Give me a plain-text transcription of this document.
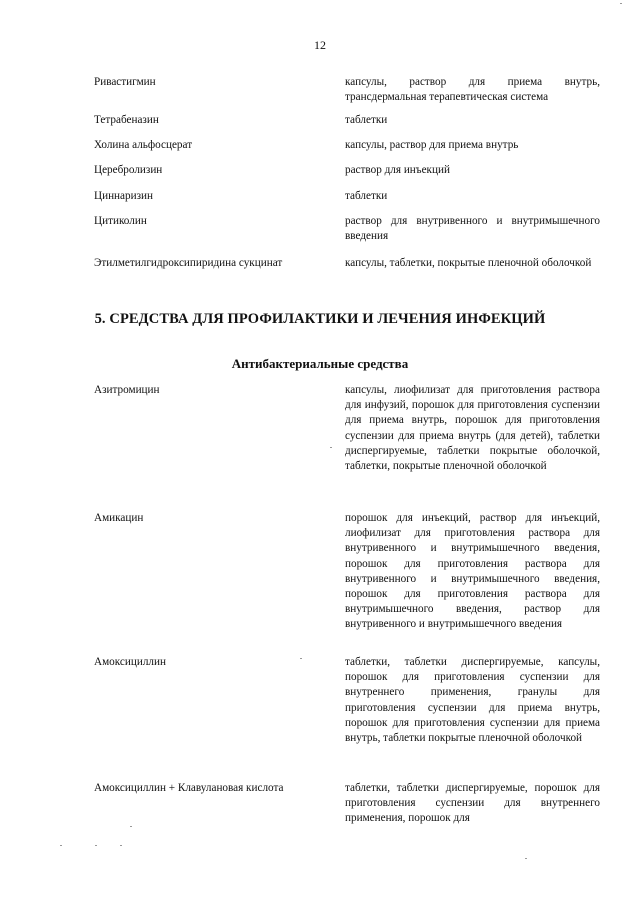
12
Ривастигмин	капсулы, раствор для приема внутрь, трансдермальная терапевтическая система
Тетрабеназин	таблетки
Холина альфосцерат	капсулы, раствор для приема внутрь
Церебролизин	раствор для инъекций
Циннаризин	таблетки
Цитиколин	раствор для внутривенного и внутримышечного введения
Этилметилгидроксипиридина сукцинат	капсулы, таблетки, покрытые пленочной оболочкой
5. СРЕДСТВА ДЛЯ ПРОФИЛАКТИКИ И ЛЕЧЕНИЯ ИНФЕКЦИЙ
Антибактериальные средства
Азитромицин	капсулы, лиофилизат для приготовления раствора для инфузий, порошок для приготовления суспензии для приема внутрь, порошок для приготовления суспензии для приема внутрь (для детей), таблетки диспергируемые, таблетки покрытые оболочкой, таблетки, покрытые пленочной оболочкой
Амикацин	порошок для инъекций, раствор для инъекций, лиофилизат для приготовления раствора для внутривенного и внутримышечного введения, порошок для приготовления раствора для внутривенного и внутримышечного введения, порошок для приготовления раствора для внутримышечного введения, раствор для внутривенного и внутримышечного введения
Амоксициллин	таблетки, таблетки диспергируемые, капсулы, порошок для приготовления суспензии для внутреннего применения, гранулы для приготовления суспензии для приема внутрь, порошок для приготовления суспензии для приема внутрь, таблетки покрытые пленочной оболочкой
Амоксициллин + Клавулановая кислота	таблетки, таблетки диспергируемые, порошок для приготовления суспензии для внутреннего применения, порошок для
